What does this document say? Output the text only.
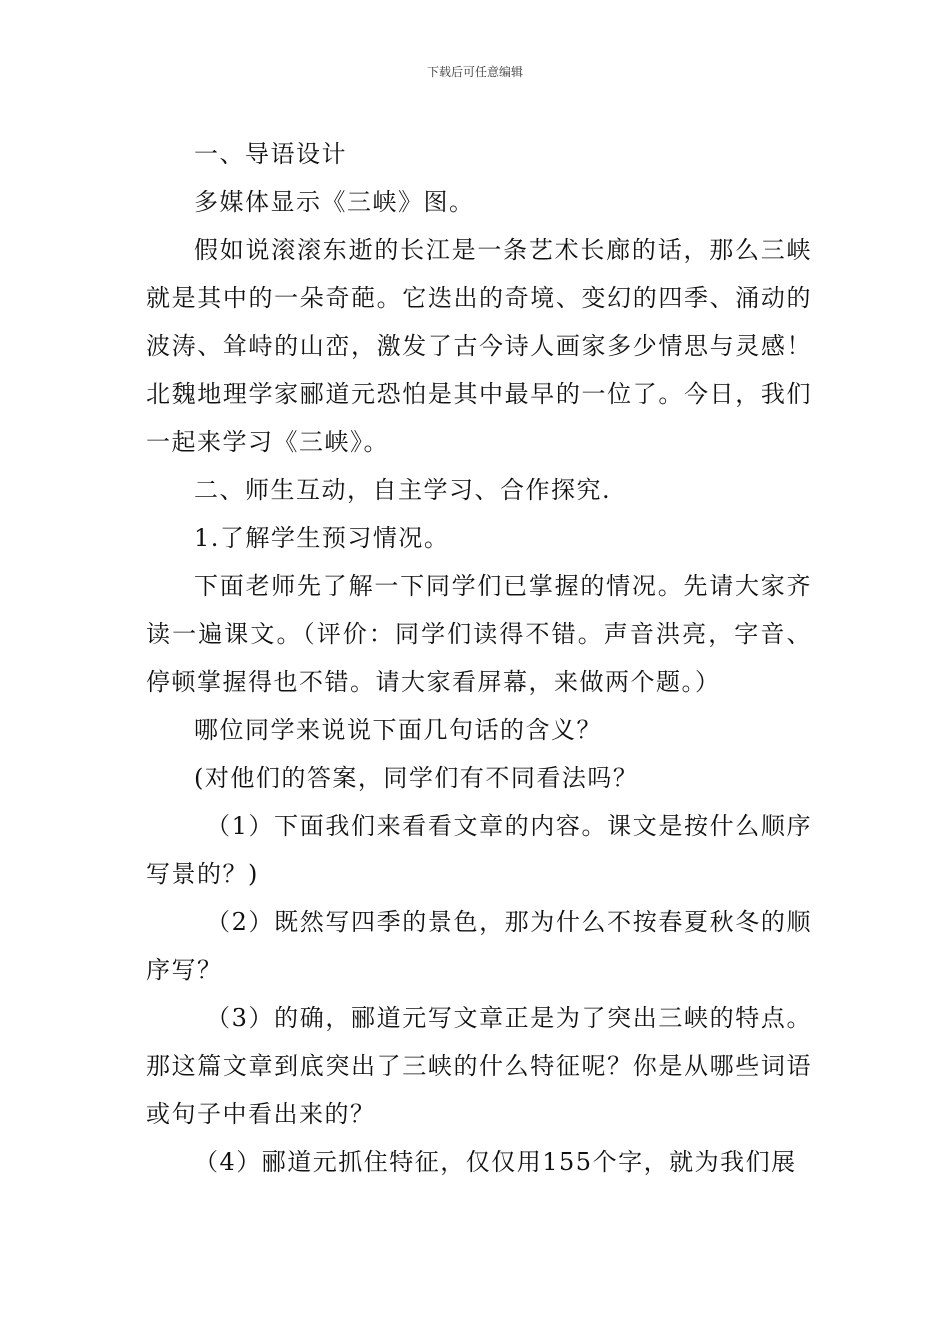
下载后可任意编辑

一、导语设计

多媒体显示《三峡》图。

假如说滚滚东逝的长江是一条艺术长廊的话，那么三峡就是其中的一朵奇葩。它迭出的奇境、变幻的四季、涌动的波涛、耸峙的山峦，激发了古今诗人画家多少情思与灵感！北魏地理学家郦道元恐怕是其中最早的一位了。今日，我们一起来学习《三峡》。

二、师生互动，自主学习、合作探究.

1.了解学生预习情况。

下面老师先了解一下同学们已掌握的情况。先请大家齐读一遍课文。（评价：同学们读得不错。声音洪亮，字音、停顿掌握得也不错。请大家看屏幕，来做两个题。）

哪位同学来说说下面几句话的含义？

(对他们的答案，同学们有不同看法吗？

（1）下面我们来看看文章的内容。课文是按什么顺序写景的？)

（2）既然写四季的景色，那为什么不按春夏秋冬的顺序写？

（3）的确，郦道元写文章正是为了突出三峡的特点。那这篇文章到底突出了三峡的什么特征呢？你是从哪些词语或句子中看出来的？

（4）郦道元抓住特征，仅仅用155个字，就为我们展
